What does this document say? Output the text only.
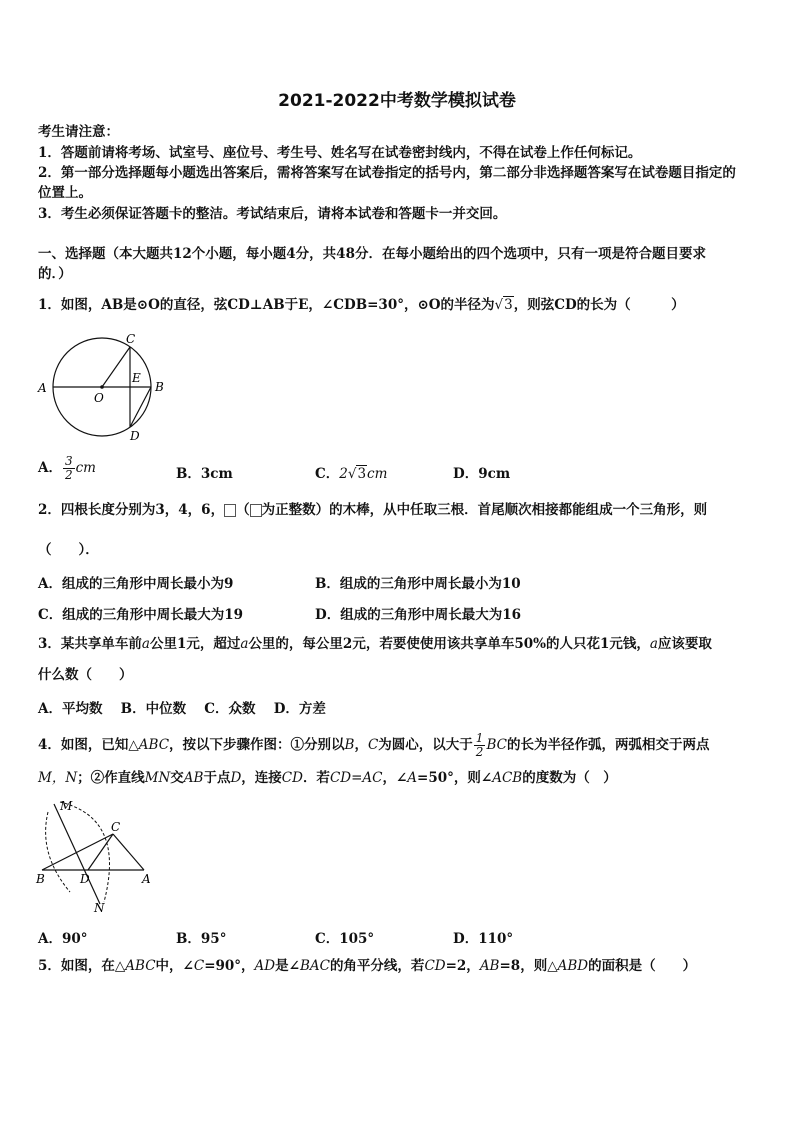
2021-2022中考数学模拟试卷
考生请注意：
1．答题前请将考场、试室号、座位号、考生号、姓名写在试卷密封线内，不得在试卷上作任何标记。
2．第一部分选择题每小题选出答案后，需将答案写在试卷指定的括号内，第二部分非选择题答案写在试卷题目指定的
位置上。
3．考生必须保证答题卡的整洁。考试结束后，请将本试卷和答题卡一并交回。
一、选择题（本大题共12个小题，每小题4分，共48分．在每小题给出的四个选项中，只有一项是符合题目要求
的．）
1．如图，AB是⊙O的直径，弦CD⊥AB于E，∠CDB=30°，⊙O的半径为√3，则弦CD的长为（　　　）
A
O
E
B
C
D
A． $\frac{3}{2}$ cm	B．3cm	C．2√3cm	D．9cm
2．四根长度分别为3，4，6， （ 为正整数）的木棒，从中任取三根．首尾顺次相接都能组成一个三角形，则
（　　）．
A．组成的三角形中周长最小为9	B．组成的三角形中周长最小为10
C．组成的三角形中周长最大为19	D．组成的三角形中周长最大为16
3．某共享单车前a公里1元，超过a公里的，每公里2元，若要使使用该共享单车50%的人只花1元钱，a应该要取
什么数（　　）
A．平均数　 B．中位数　 C．众数　 D．方差
4．如图，已知△ABC，按以下步骤作图：①分别以B，C为圆心，以大于 $\frac{1}{2}$ BC的长为半径作弧，两弧相交于两点
M，N；②作直线MN交AB于点D，连接CD．若CD=AC，∠A=50°，则∠ACB的度数为（　）
M
C
B	D	A
N
A．90°	B．95°	C．105°	D．110°
5．如图，在△ABC中，∠C=90°，AD是∠BAC的角平分线，若CD=2，AB=8，则△ABD的面积是（　　）
